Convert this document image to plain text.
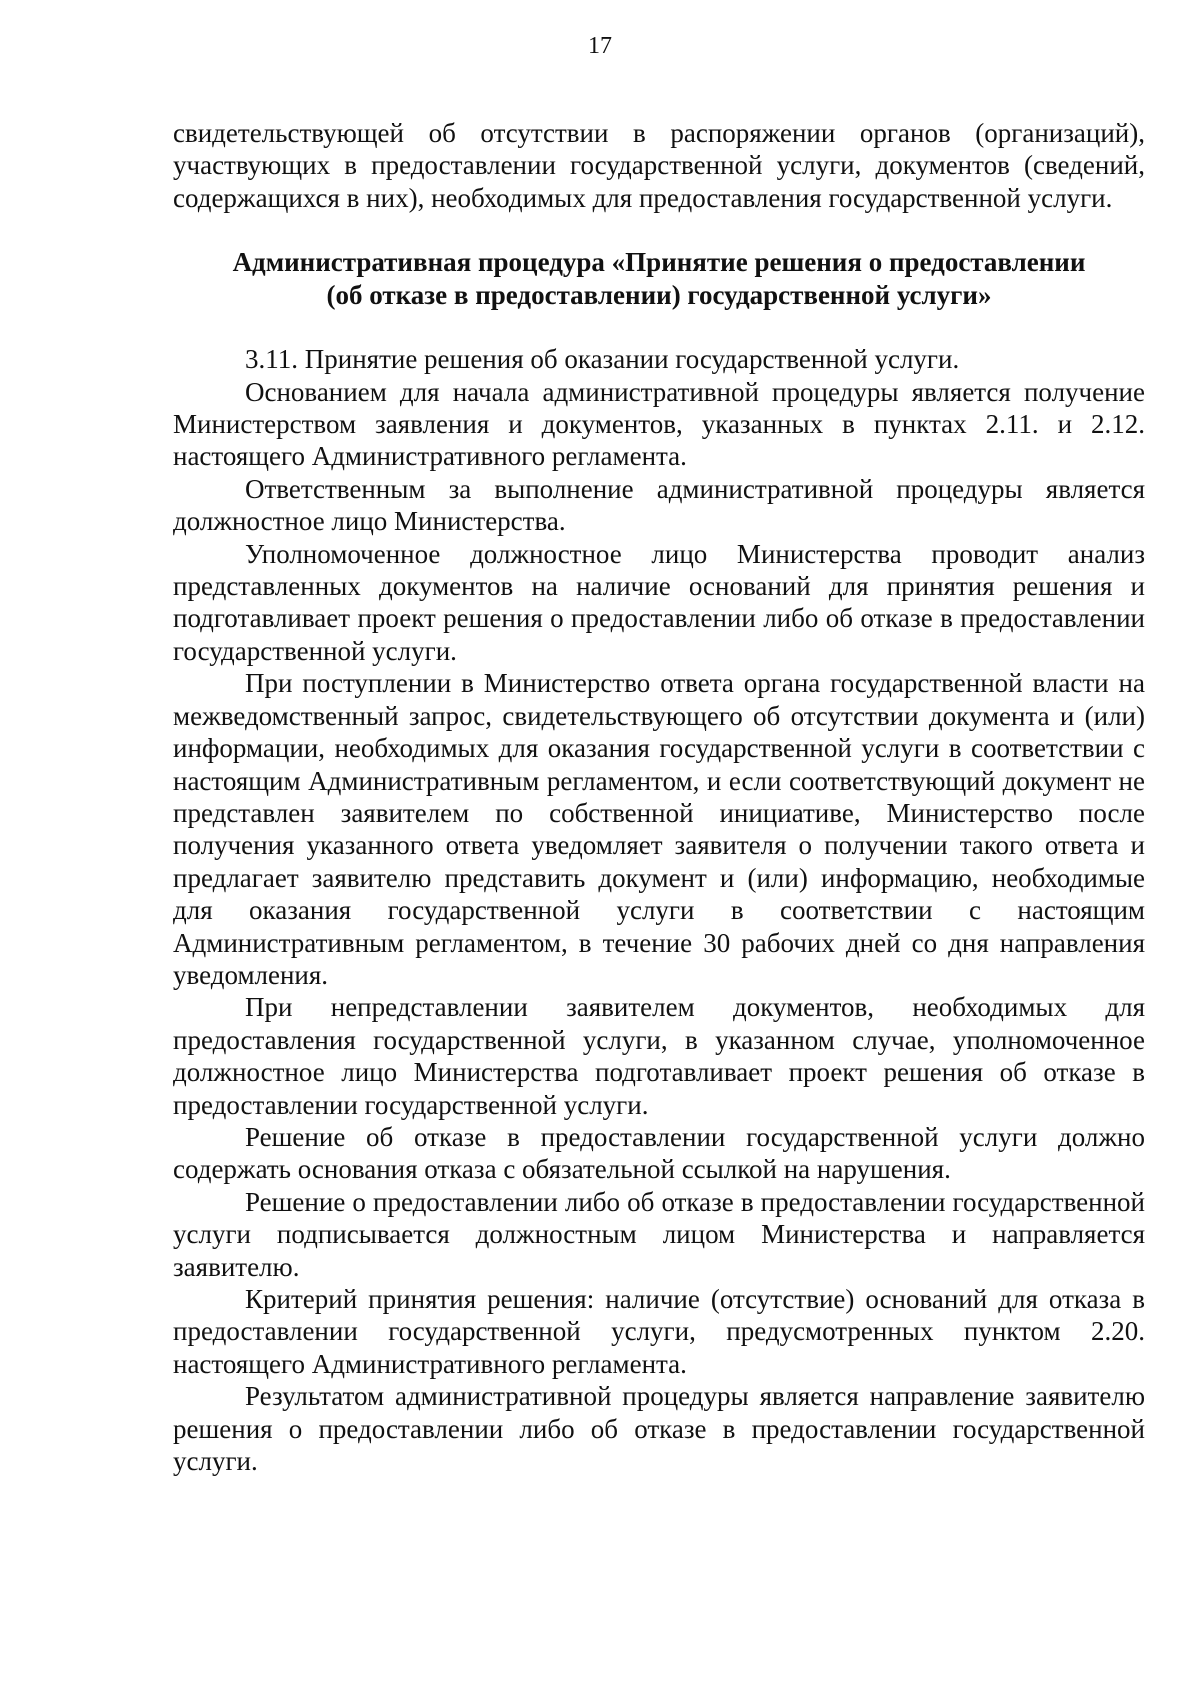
17

свидетельствующей об отсутствии в распоряжении органов (организаций), участвующих в предоставлении государственной услуги, документов (сведений, содержащихся в них), необходимых для предоставления государственной услуги.

Административная процедура «Принятие решения о предоставлении
(об отказе в предоставлении) государственной услуги»

3.11. Принятие решения об оказании государственной услуги.

Основанием для начала административной процедуры является получение Министерством заявления и документов, указанных в пунктах 2.11. и 2.12. настоящего Административного регламента.

Ответственным за выполнение административной процедуры является должностное лицо Министерства.

Уполномоченное должностное лицо Министерства проводит анализ представленных документов на наличие оснований для принятия решения и подготавливает проект решения о предоставлении либо об отказе в предоставлении государственной услуги.

При поступлении в Министерство ответа органа государственной власти на межведомственный запрос, свидетельствующего об отсутствии документа и (или) информации, необходимых для оказания государственной услуги в соответствии с настоящим Административным регламентом, и если соответствующий документ не представлен заявителем по собственной инициативе, Министерство после получения указанного ответа уведомляет заявителя о получении такого ответа и предлагает заявителю представить документ и (или) информацию, необходимые для оказания государственной услуги в соответствии с настоящим Административным регламентом, в течение 30 рабочих дней со дня направления уведомления.

При непредставлении заявителем документов, необходимых для предоставления государственной услуги, в указанном случае, уполномоченное должностное лицо Министерства подготавливает проект решения об отказе в предоставлении государственной услуги.

Решение об отказе в предоставлении государственной услуги должно содержать основания отказа с обязательной ссылкой на нарушения.

Решение о предоставлении либо об отказе в предоставлении государственной услуги подписывается должностным лицом Министерства и направляется заявителю.

Критерий принятия решения: наличие (отсутствие) оснований для отказа в предоставлении государственной услуги, предусмотренных пунктом 2.20. настоящего Административного регламента.

Результатом административной процедуры является направление заявителю решения о предоставлении либо об отказе в предоставлении государственной услуги.
